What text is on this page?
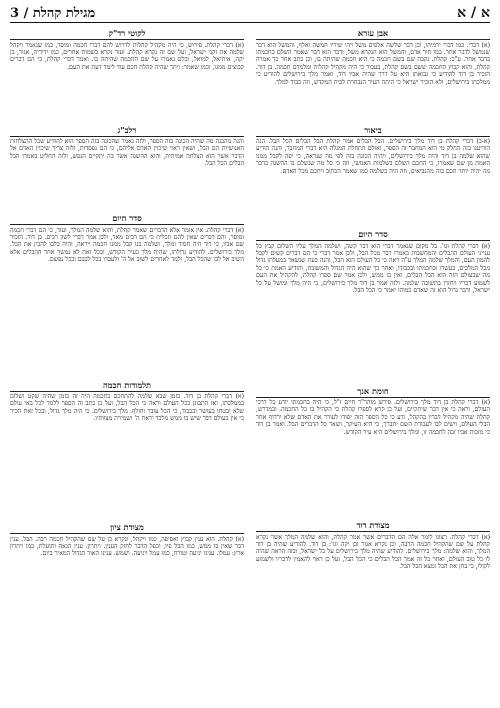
א / א
מגילת קהלת / 3
אבן עזרא

(א) דברי. כמו דברי ירמיהו, וכן דבר שלשה אלפים משל ויהי שיריו חמשה ואלף, והמשל הוא דבר שנמשל לדבר אחר. כמו חור אדם, והמשל הוא הנקרא משל, ודבר הוא דבר שאמר השלם בחכמתו בדבר אחר. ע"כ: קהלת. נקבה שם בשם חכמה כי היא חכמה שהיתה בו, וכן כתב אחר כך אמרה קהלת, והוא קבוץ החכמה ששם בשם קהלת, בעבור כי היה מקהיל קהלות ומלמדם חכמה. בן דוד. הזכיר בן דוד להודיע כי נבואתו היא על דרך שהיה אביו דוד, ואמר מלך בירושלים להודיע כי ממלכתו בירושלים, ולא הזכיר ישראל כי היתה העיר הנבחרת לבית המקדש, וזה כבוד למלך.

ביאור

(א-ב) דברי קהלת בן דוד מלך בירושלים. הבל הבלים אמר קהלת הבל הבלים הכל הבל. הנה הודיענו בזה החלק מי הוא המחבר זה הספר, ואולם התחלת המגלה היא דברי המחבר, והנה הודיע שהוא שלמה בן דוד והיה מלך בירושלים, ויהיה הכונה בזה לפי מה שנראה, כי יפה לקבל ממנו האמת מן שם שאמרו, כי החכם השלם בשלמות האנושי, וזה כי כל מה שנשלם בו ההשגה בדבר מה יהיה יותר חכם בזה מהנביאים, וזה היה בשלמה כמו שאמר הכתוב ויחכם מכל האדם.

סדר היום

(א) דברי קהלת וגו'. כל מקום שנאמר דברי הוא דבר קשה, ושלמה המלך עליו השלום קבץ כל ענייני העולם ההבלים והמחשבות כאמרו דבר מכל הבל, ולכן אמר דברי כי הם דברים קשים לקבל להמון העם, והמלך שלמה המלך ע"ה ראה כי כל העולם הוא הבל, והנה בעת שנשאר במעלתו גדול מכל המלכים, בעשרו ובחכמתו ובכבודו, ואחר כך שהוא היה הגדול והמשובח, והודיע האמת כי כל מה שבעולם הזה הוא הבל הבלים, ואין בו ממש, ולכן אמר שם ספרו קהלת, להקהיל את העם לשמוע דבריו ויחזרו בתשובה שלמה. ולזה אמר בן דוד מלך בירושלים, כי היה מלך ומושל על כל ישראל, ודבר גדול הוא זה שאדם כמוהו יאמר כי הכל הבל.

חומת אנך

(א) דברי קהלת בן דוד מלך בירושלים. פירש מוהר"ר חיים ז"ל, כי היה בחכמתו יודע כל דרכי העולם, וראה כי אין דבר שיתקיים, ועל כן קרא לספרו קהלת כי הקהיל בו כל החכמה. ובמדרש, קהלת שהיה מקהיל דבריו בהקהל, ודע כי כל הספר הזה יסודו לעורר את האדם שלא ירדוף אחר הבלי העולם, וישים לבו לעבודת השם יתברך, כי היא העיקר, ושאר כל הדברים הבל. ואמר בן דוד כי מזכות אביו זכה לחכמה זו, ומלך בירושלים היא עיר הקודש.

מצודת דוד

(א) דברי קהלת. רצונו לומר אלה הם הדברים אשר אמר קהלת, והוא שלמה המלך אשר נקרא קהלת על שם שהקהיל חכמה הרבה, וכן נקרא אגור ובן יקה וגו': בן דוד. להודיע שהיה בן דוד המלך, והוא שלמה: מלך בירושלים. להודיע שהיה מלך בירושלים על כל ישראל, ובזה הראה שהיה לו כל טוב העולם, ואחר כל זה אמר הבל הבלים כי הכל הבל, ועל כן ראוי להאמין לדבריו ולשמוע לקולו, כי בחן את הכל ומצא הכל הבל.

לקוטי רד"ק

(א) דברי קהלת. פירוש, כי היה מקהיל קהלות לדרוש להם דברי חכמה ומוסר, כמו שנאמר ויקהל שלמה את זקני ישראל, ועל שם זה נקרא קהלת. ועוד נקרא בשמות אחרים, כמו ידידיה, אגור, בן יקה, איתיאל, למואל, וכלם נאמרו על שם החכמה שהיתה בו. ואמר דברי קהלת, כי הם דברים קבוצים ממנו, וכמו שאמר: ויתר שהיה קהלת חכם עוד לימד דעת את העם.

רלב"ג

והנה מהבנה מה שהיה הכונה בזה הספר, ולזה נאמר שהכונה בזה הספר הוא להודיע שכל ההצלחות האנושיות הם הבל, ושאין ראוי שיכוין האדם אליהם, כי הם נפסדות, ולזה צריך שיכוין האדם אל הדבר אשר הוא הצלחה אמיתית, והוא ההשגה אשר בה יתקיים הנפש, ולזה החליט באמרו הבל הבלים הכל הבל.

סדר היום

(א) דברי קהלת. אין אומר אלא הדברים שאמר קהלת, והוא שלמה המלך, ועוד, כי הם דברי חכמה ומוסר, והם דברים שאין להם תכלית כי הם רבים מאד, ולכן אמר דברי לשון רבים. בן דוד. הזכיר שם אביו, כי דוד היה חסיד ומלך, ושלמה בנו קבל ממנו חכמה ויראה, והיה בלבו להבין את הכל. מלך בירושלים. להודיע גדולתו, שהיה מלך בעיר הקודש, ובכל זאת לא נמשך אחר ההבלים אלא השיב אל לבו שהכל הבל, ולמד לאחרים לשוב אל ה' ולעבדו בכל לבבם ובכל נפשם.

תלמודות חכמה

(א) דברי קהלת בן דוד. בזמן שבא שלמה להתחכם בחכמה היה זה בזמן שהיה שקט ושלום בממלכתו, ואז התבונן בכל העולם וראה כי הכל הבל, ועל כן כתב זה הספר ללמד לכל באי עולם שלא יבטחו בעושר ובכבוד, כי הכל עובר וחולף. מלך בירושלים. כי היה מלך גדול, ובכל זאת הכיר כי אין בעולם דבר שיש בו ממש מלבד יראת ה' ושמירת מצוותיו.

מצודת ציון

(א) קהלת. הוא ענין קבוץ ואסיפה, כמו ויקהל, ונקרא כן על שם שהקהיל חכמה רבה. הבל. ענין דבר שאין בו ממש, כמו הבל פיו, וכפל הדבר לחזק הענין. ויתרון. ענין הנאה ותועלת, כמו ויתרון ארץ: עמלו. ענינו יגיעה וטורח, כמו עמל ויגיעה. ושמש. ענינו האור הגדול המאיר ביום.
